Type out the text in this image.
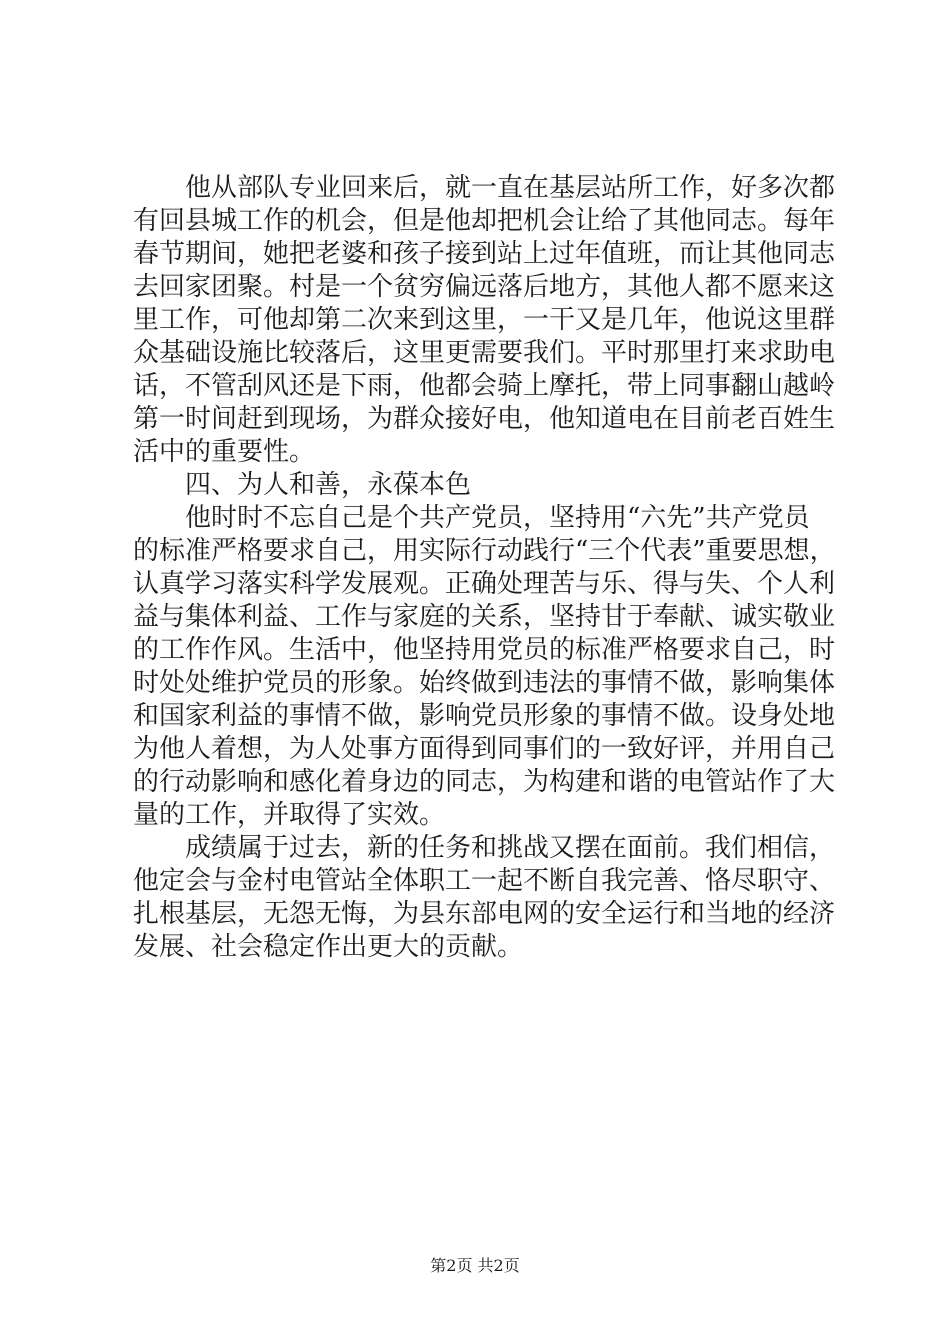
他从部队专业回来后，就一直在基层站所工作，好多次都

有回县城工作的机会，但是他却把机会让给了其他同志。每年

春节期间，她把老婆和孩子接到站上过年值班，而让其他同志

去回家团聚。村是一个贫穷偏远落后地方，其他人都不愿来这

里工作，可他却第二次来到这里，一干又是几年，他说这里群

众基础设施比较落后，这里更需要我们。平时那里打来求助电

话，不管刮风还是下雨，他都会骑上摩托，带上同事翻山越岭

第一时间赶到现场，为群众接好电，他知道电在目前老百姓生

活中的重要性。

四、为人和善，永葆本色

他时时不忘自己是个共产党员，坚持用“六先”共产党员

的标准严格要求自己，用实际行动践行“三个代表”重要思想，

认真学习落实科学发展观。正确处理苦与乐、得与失、个人利

益与集体利益、工作与家庭的关系，坚持甘于奉献、诚实敬业

的工作作风。生活中，他坚持用党员的标准严格要求自己，时

时处处维护党员的形象。始终做到违法的事情不做，影响集体

和国家利益的事情不做，影响党员形象的事情不做。设身处地

为他人着想，为人处事方面得到同事们的一致好评，并用自己

的行动影响和感化着身边的同志，为构建和谐的电管站作了大

量的工作，并取得了实效。

成绩属于过去，新的任务和挑战又摆在面前。我们相信，

他定会与金村电管站全体职工一起不断自我完善、恪尽职守、

扎根基层，无怨无悔，为县东部电网的安全运行和当地的经济

发展、社会稳定作出更大的贡献。

第2页 共2页
